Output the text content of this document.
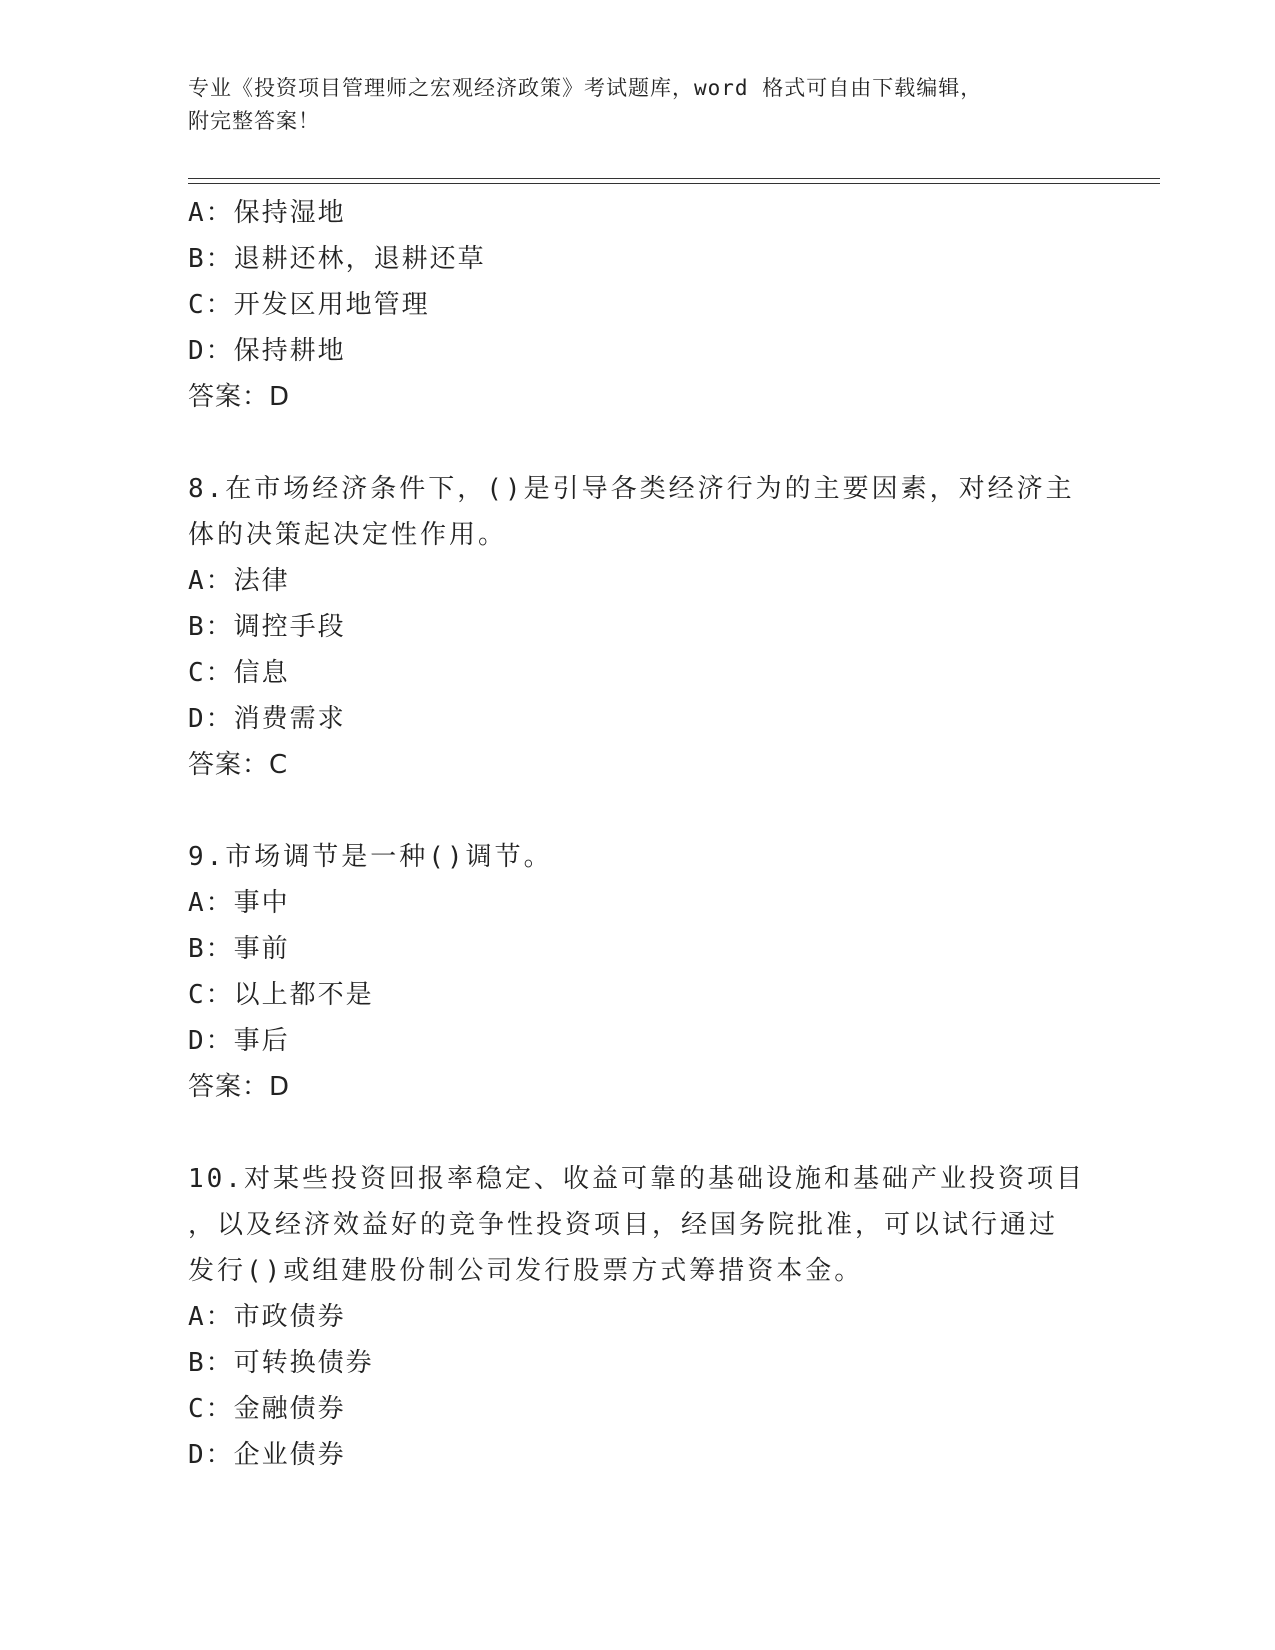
专业《投资项目管理师之宏观经济政策》考试题库，word 格式可自由下载编辑，
附完整答案！
A：保持湿地
B：退耕还林，退耕还草
C：开发区用地管理
D：保持耕地
答案：D
8.在市场经济条件下，()是引导各类经济行为的主要因素，对经济主
体的决策起决定性作用。
A：法律
B：调控手段
C：信息
D：消费需求
答案：C
9.市场调节是一种()调节。
A：事中
B：事前
C：以上都不是
D：事后
答案：D
10.对某些投资回报率稳定、收益可靠的基础设施和基础产业投资项目
，以及经济效益好的竞争性投资项目，经国务院批准，可以试行通过
发行()或组建股份制公司发行股票方式筹措资本金。
A：市政债券
B：可转换债券
C：金融债券
D：企业债券
